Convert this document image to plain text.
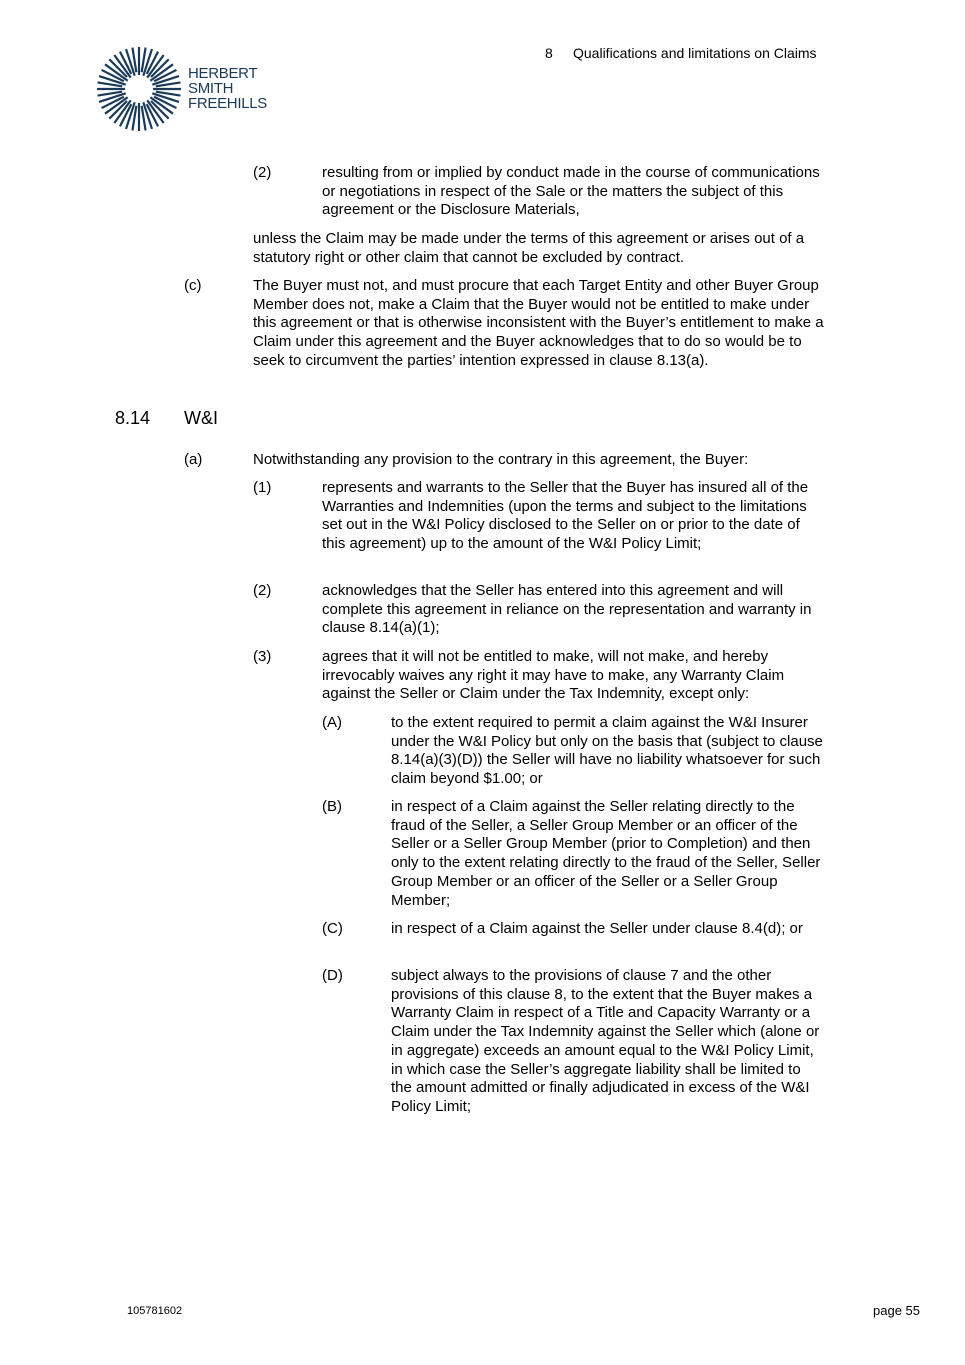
HERBERT
SMITH
FREEHILLS
8 Qualifications and limitations on Claims
(2)	resulting from or implied by conduct made in the course of communications or negotiations in respect of the Sale or the matters the subject of this agreement or the Disclosure Materials,
unless the Claim may be made under the terms of this agreement or arises out of a statutory right or other claim that cannot be excluded by contract.
(c)	The Buyer must not, and must procure that each Target Entity and other Buyer Group Member does not, make a Claim that the Buyer would not be entitled to make under this agreement or that is otherwise inconsistent with the Buyer’s entitlement to make a Claim under this agreement and the Buyer acknowledges that to do so would be to seek to circumvent the parties’ intention expressed in clause 8.13(a).
8.14 W&I
(a)	Notwithstanding any provision to the contrary in this agreement, the Buyer:
(1)	represents and warrants to the Seller that the Buyer has insured all of the Warranties and Indemnities (upon the terms and subject to the limitations set out in the W&I Policy disclosed to the Seller on or prior to the date of this agreement) up to the amount of the W&I Policy Limit;
(2)	acknowledges that the Seller has entered into this agreement and will complete this agreement in reliance on the representation and warranty in clause 8.14(a)(1);
(3)	agrees that it will not be entitled to make, will not make, and hereby irrevocably waives any right it may have to make, any Warranty Claim against the Seller or Claim under the Tax Indemnity, except only:
(A)	to the extent required to permit a claim against the W&I Insurer under the W&I Policy but only on the basis that (subject to clause 8.14(a)(3)(D)) the Seller will have no liability whatsoever for such claim beyond $1.00; or
(B)	in respect of a Claim against the Seller relating directly to the fraud of the Seller, a Seller Group Member or an officer of the Seller or a Seller Group Member (prior to Completion) and then only to the extent relating directly to the fraud of the Seller, Seller Group Member or an officer of the Seller or a Seller Group Member;
(C)	in respect of a Claim against the Seller under clause 8.4(d); or
(D)	subject always to the provisions of clause 7 and the other provisions of this clause 8, to the extent that the Buyer makes a Warranty Claim in respect of a Title and Capacity Warranty or a Claim under the Tax Indemnity against the Seller which (alone or in aggregate) exceeds an amount equal to the W&I Policy Limit, in which case the Seller’s aggregate liability shall be limited to the amount admitted or finally adjudicated in excess of the W&I Policy Limit;
105781602	page 55
